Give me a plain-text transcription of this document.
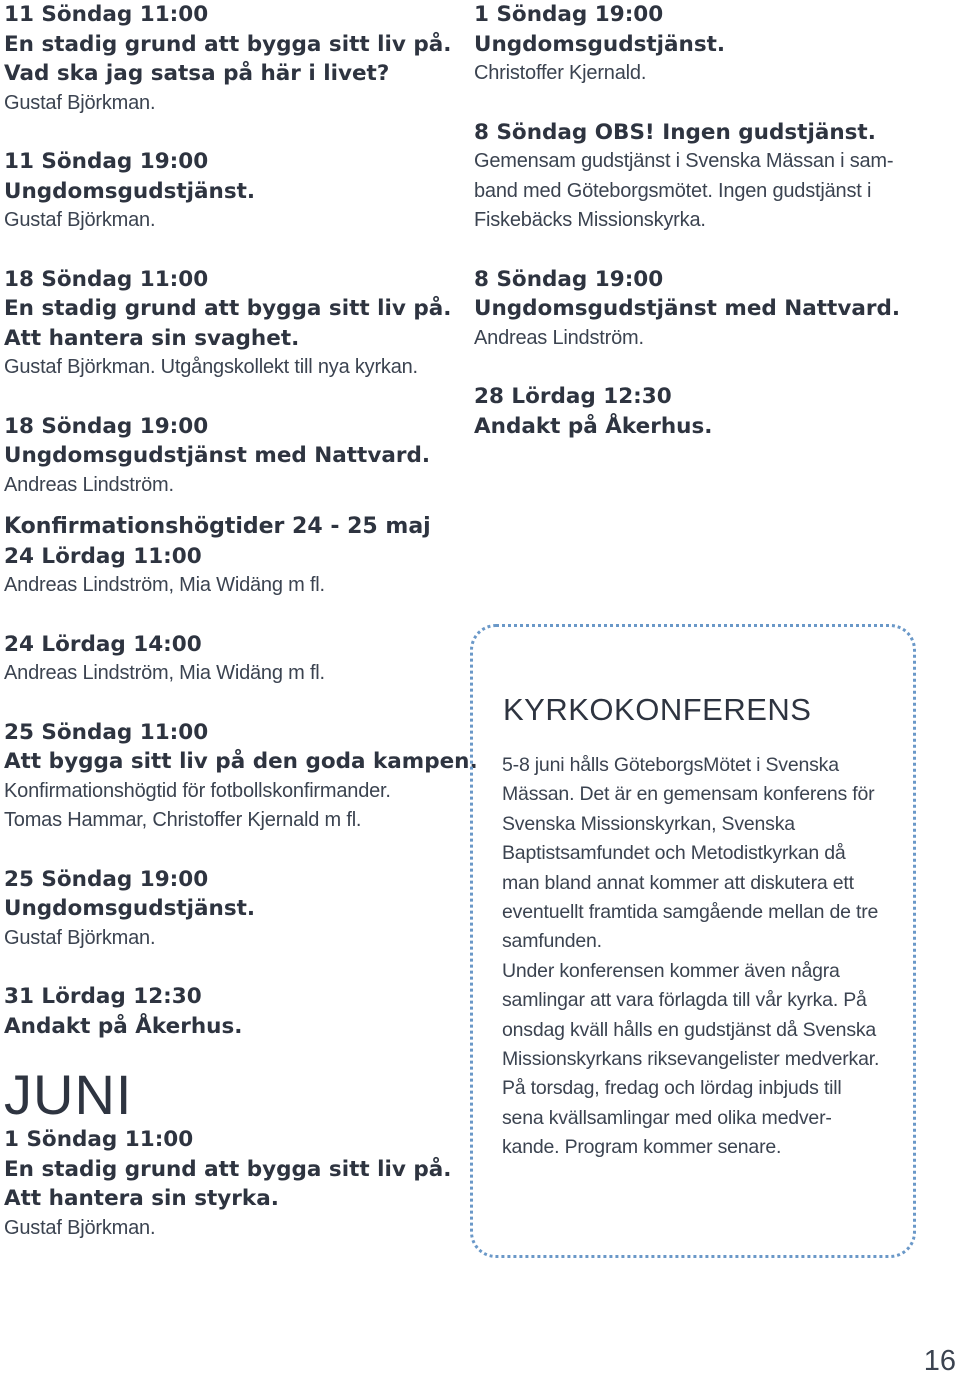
11 Söndag 11:00
En stadig grund att bygga sitt liv på.
Vad ska jag satsa på här i livet?
Gustaf Björkman.
11 Söndag 19:00
Ungdomsgudstjänst.
Gustaf Björkman.
18 Söndag 11:00
En stadig grund att bygga sitt liv på.
Att hantera sin svaghet.
Gustaf Björkman. Utgångskollekt till nya kyrkan.
18 Söndag 19:00
Ungdomsgudstjänst med Nattvard.
Andreas Lindström.
Konfirmationshögtider 24 - 25 maj
24 Lördag 11:00
Andreas Lindström, Mia Widäng m fl.
24 Lördag 14:00
Andreas Lindström, Mia Widäng m fl.
25 Söndag 11:00
Att bygga sitt liv på den goda kampen.
Konfirmationshögtid för fotbollskonfirmander.
Tomas Hammar, Christoffer Kjernald m fl.
25 Söndag 19:00
Ungdomsgudstjänst.
Gustaf Björkman.
31 Lördag 12:30
Andakt på Åkerhus.
JUNI
1 Söndag 11:00
En stadig grund att bygga sitt liv på.
Att hantera sin styrka.
Gustaf Björkman.
1 Söndag 19:00
Ungdomsgudstjänst.
Christoffer Kjernald.
8 Söndag OBS! Ingen gudstjänst.
Gemensam gudstjänst i Svenska Mässan i sam-
band med Göteborgsmötet. Ingen gudstjänst i
Fiskebäcks Missionskyrka.
8 Söndag 19:00
Ungdomsgudstjänst med Nattvard.
Andreas Lindström.
28 Lördag 12:30
Andakt på Åkerhus.
KYRKOKONFERENS
5-8 juni hålls GöteborgsMötet i Svenska
Mässan. Det är en gemensam konferens för
Svenska Missionskyrkan, Svenska
Baptistsamfundet och Metodistkyrkan då
man bland annat kommer att diskutera ett
eventuellt framtida samgående mellan de tre
samfunden.
Under konferensen kommer även några
samlingar att vara förlagda till vår kyrka. På
onsdag kväll hålls en gudstjänst då Svenska
Missionskyrkans riksevangelister medverkar.
På torsdag, fredag och lördag inbjuds till
sena kvällsamlingar med olika medver-
kande. Program kommer senare.
16
